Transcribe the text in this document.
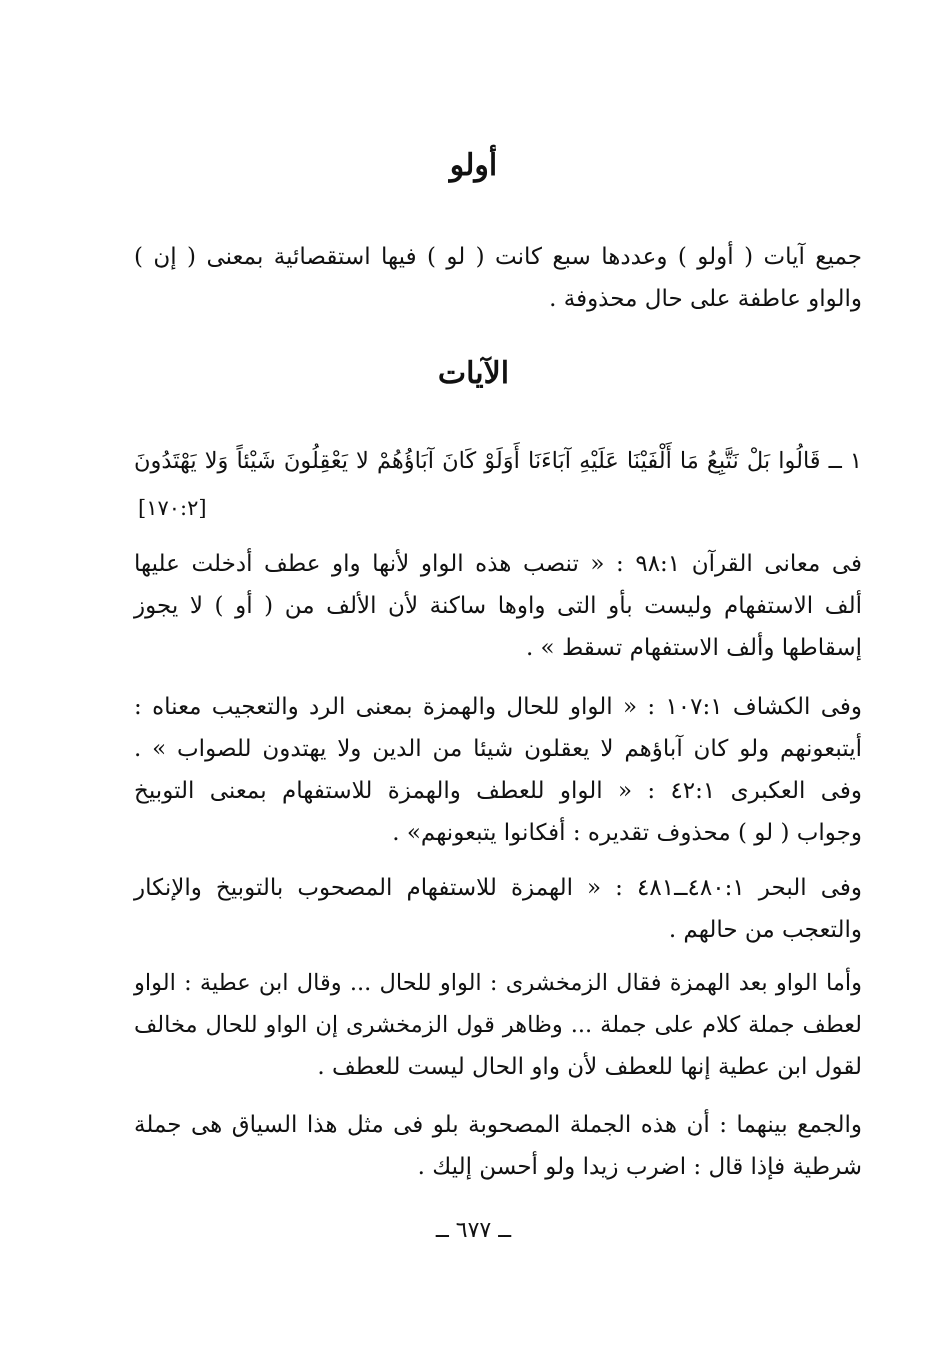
أولو
جميع آيات ( أولو ) وعددها سبع كانت ( لو ) فيها استقصائية بمعنى ( إن )
والواو عاطفة على حال محذوفة .
الآيات
١ ــ قَالُوا بَلْ نَتَّبِعُ مَا أَلْفَيْنَا عَلَيْهِ آبَاءَنَا أَوَلَوْ كَانَ آبَاؤُهُمْ لا يَعْقِلُونَ شَيْئاً وَلا يَهْتَدُونَ
[١٧٠:٢]
فى معانى القرآن ٩٨:١ : « تنصب هذه الواو لأنها واو عطف أدخلت عليها
ألف الاستفهام وليست بأو التى واوها ساكنة لأن الألف من ( أو ) لا يجوز
إسقاطها وألف الاستفهام تسقط » .
وفى الكشاف ١٠٧:١ : « الواو للحال والهمزة بمعنى الرد والتعجيب معناه :
أيتبعونهم ولو كان آباؤهم لا يعقلون شيئا من الدين ولا يهتدون للصواب » .
وفى العكبرى ٤٢:١ : « الواو للعطف والهمزة للاستفهام بمعنى التوبيخ
وجواب ( لو ) محذوف تقديره : أفكانوا يتبعونهم» .
وفى البحر ٤٨٠:١ــ٤٨١ : « الهمزة للاستفهام المصحوب بالتوبيخ والإنكار
والتعجب من حالهم .
وأما الواو بعد الهمزة فقال الزمخشرى : الواو للحال ... وقال ابن عطية : الواو
لعطف جملة كلام على جملة ... وظاهر قول الزمخشرى إن الواو للحال مخالف
لقول ابن عطية إنها للعطف لأن واو الحال ليست للعطف .
والجمع بينهما : أن هذه الجملة المصحوبة بلو فى مثل هذا السياق هى جملة
شرطية فإذا قال : اضرب زيدا ولو أحسن إليك .
ــ ٦٧٧ ــ
